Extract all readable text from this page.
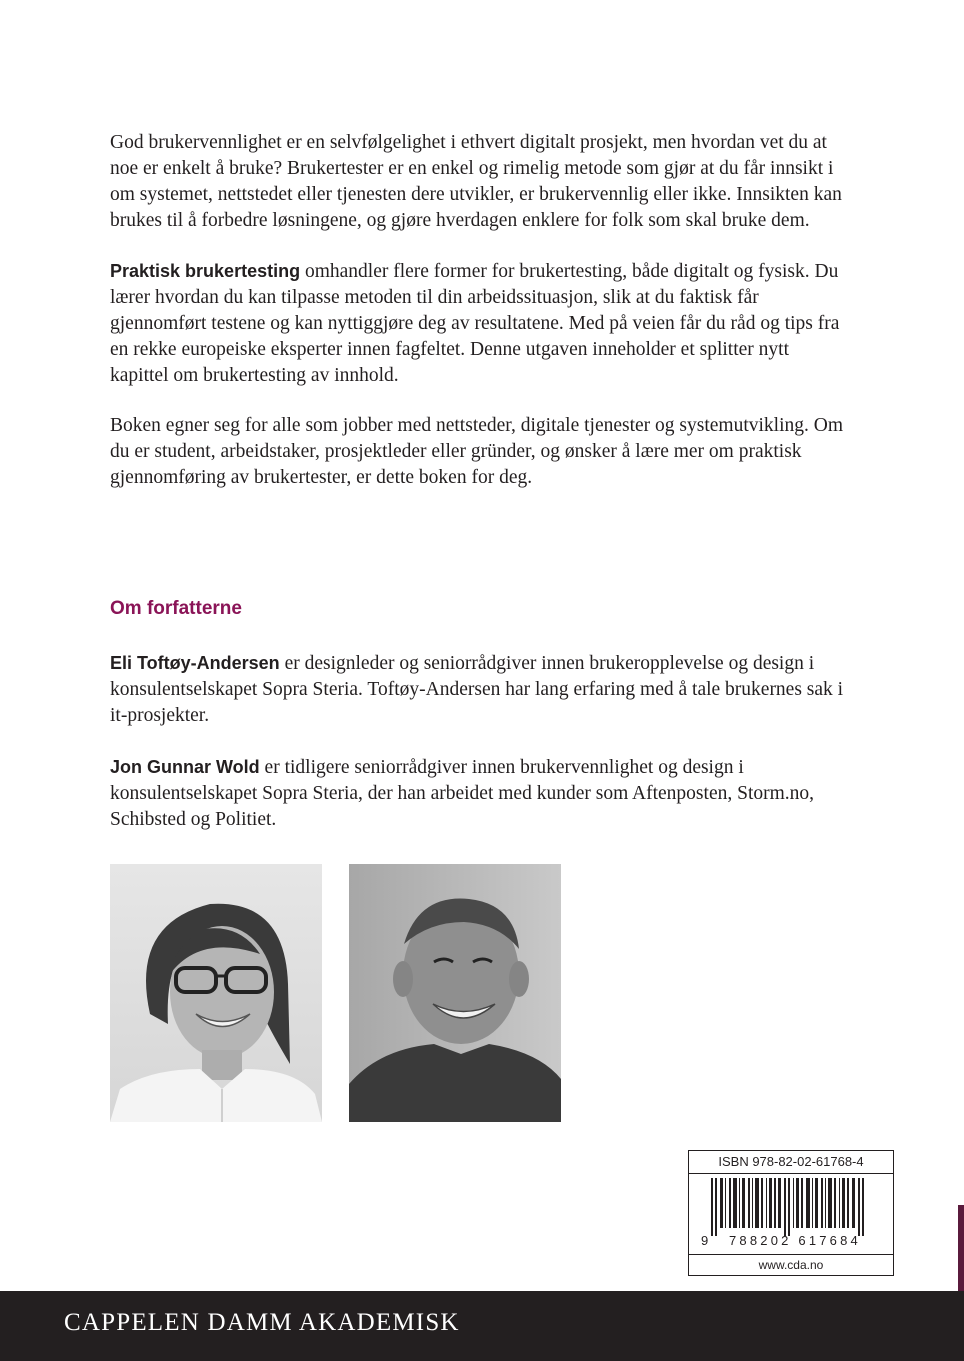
God brukervennlighet er en selvfølgelighet i ethvert digitalt prosjekt, men hvordan vet du at noe er enkelt å bruke? Brukertester er en enkel og rimelig metode som gjør at du får innsikt i om systemet, nettstedet eller tjenesten dere utvikler, er brukervennlig eller ikke. Innsikten kan brukes til å forbedre løsningene, og gjøre hverdagen enklere for folk som skal bruke dem.

Praktisk brukertesting omhandler flere former for brukertesting, både digitalt og fysisk. Du lærer hvordan du kan tilpasse metoden til din arbeidssituasjon, slik at du faktisk får gjennomført testene og kan nyttiggjøre deg av resultatene. Med på veien får du råd og tips fra en rekke europeiske eksperter innen fagfeltet. Denne utgaven inneholder et splitter nytt kapittel om brukertesting av innhold.

Boken egner seg for alle som jobber med nettsteder, digitale tjenester og systemutvikling. Om du er student, arbeidstaker, prosjektleder eller gründer, og ønsker å lære mer om praktisk gjennomføring av brukertester, er dette boken for deg.

Om forfatterne

Eli Toftøy-Andersen er designleder og seniorrådgiver innen brukeropplevelse og design i konsulentselskapet Sopra Steria. Toftøy-Andersen har lang erfaring med å tale brukernes sak i it-prosjekter.

Jon Gunnar Wold er tidligere seniorrådgiver innen brukervennlighet og design i konsulentselskapet Sopra Steria, der han arbeidet med kunder som Aftenposten, Storm.no, Schibsted og Politiet.

ISBN 978-82-02-61768-4
9 788202 617684
www.cda.no
CAPPELEN DAMM AKADEMISK
